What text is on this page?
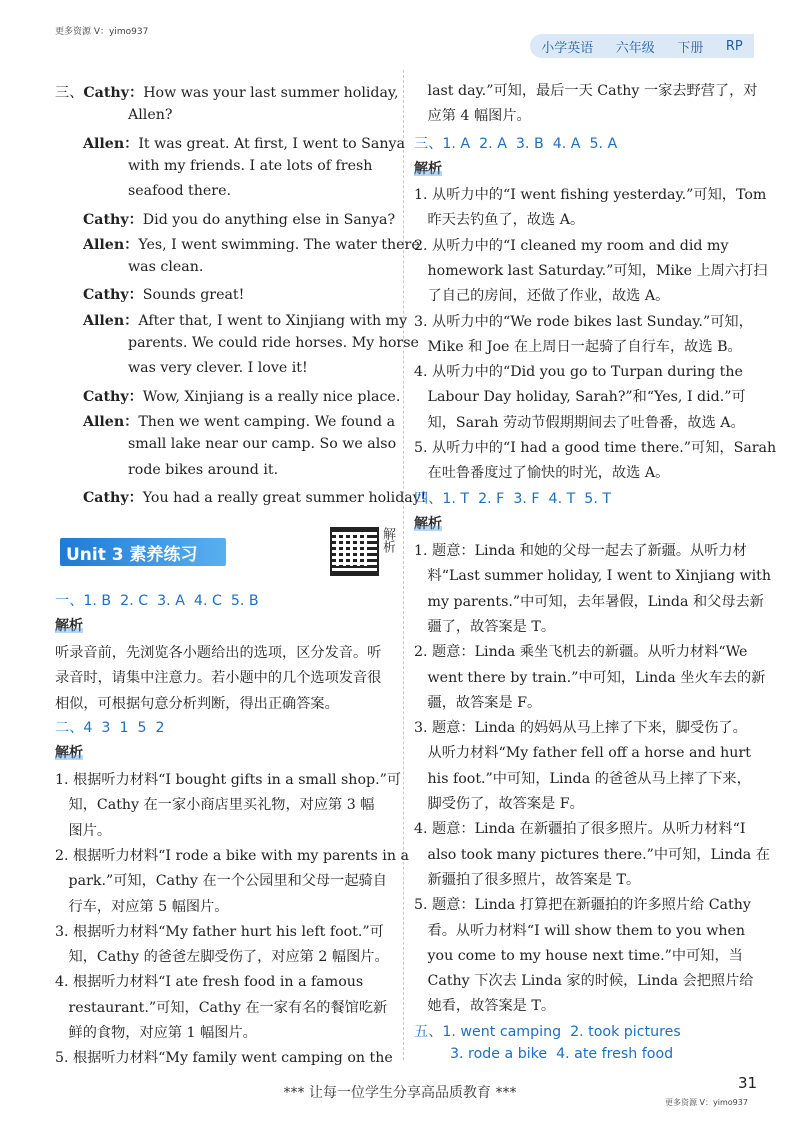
更多资源 V：yimo937
小学英语 六年级 下册 RP
三、Cathy：How was your last summer holiday,
Allen?
Allen：It was great. At first, I went to Sanya
with my friends. I ate lots of fresh
seafood there.
Cathy：Did you do anything else in Sanya?
Allen：Yes, I went swimming. The water there
was clean.
Cathy：Sounds great!
Allen：After that, I went to Xinjiang with my
parents. We could ride horses. My horse
was very clever. I love it!
Cathy：Wow, Xinjiang is a really nice place.
Allen：Then we went camping. We found a
small lake near our camp. So we also
rode bikes around it.
Cathy：You had a really great summer holiday!
Unit 3 素养练习
解析
一、1. B  2. C  3. A  4. C  5. B
解析
听录音前，先浏览各小题给出的选项，区分发音。听
录音时，请集中注意力。若小题中的几个选项发音很
相似，可根据句意分析判断，得出正确答案。
二、4  3  1  5  2
解析
1. 根据听力材料“I bought gifts in a small shop.”可
知，Cathy 在一家小商店里买礼物，对应第 3 幅
图片。
2. 根据听力材料“I rode a bike with my parents in a
park.”可知，Cathy 在一个公园里和父母一起骑自
行车，对应第 5 幅图片。
3. 根据听力材料“My father hurt his left foot.”可
知，Cathy 的爸爸左脚受伤了，对应第 2 幅图片。
4. 根据听力材料“I ate fresh food in a famous
restaurant.”可知，Cathy 在一家有名的餐馆吃新
鲜的食物，对应第 1 幅图片。
5. 根据听力材料“My family went camping on the
last day.”可知，最后一天 Cathy 一家去野营了，对
应第 4 幅图片。
三、1. A  2. A  3. B  4. A  5. A
解析
1. 从听力中的“I went fishing yesterday.”可知，Tom
昨天去钓鱼了，故选 A。
2. 从听力中的“I cleaned my room and did my
homework last Saturday.”可知，Mike 上周六打扫
了自己的房间，还做了作业，故选 A。
3. 从听力中的“We rode bikes last Sunday.”可知，
Mike 和 Joe 在上周日一起骑了自行车，故选 B。
4. 从听力中的“Did you go to Turpan during the
Labour Day holiday, Sarah?”和“Yes, I did.”可
知，Sarah 劳动节假期期间去了吐鲁番，故选 A。
5. 从听力中的“I had a good time there.”可知，Sarah
在吐鲁番度过了愉快的时光，故选 A。
四、1. T  2. F  3. F  4. T  5. T
解析
1. 题意：Linda 和她的父母一起去了新疆。从听力材
料“Last summer holiday, I went to Xinjiang with
my parents.”中可知，去年暑假，Linda 和父母去新
疆了，故答案是 T。
2. 题意：Linda 乘坐飞机去的新疆。从听力材料“We
went there by train.”中可知，Linda 坐火车去的新
疆，故答案是 F。
3. 题意：Linda 的妈妈从马上摔了下来，脚受伤了。
从听力材料“My father fell off a horse and hurt
his foot.”中可知，Linda 的爸爸从马上摔了下来，
脚受伤了，故答案是 F。
4. 题意：Linda 在新疆拍了很多照片。从听力材料“I
also took many pictures there.”中可知，Linda 在
新疆拍了很多照片，故答案是 T。
5. 题意：Linda 打算把在新疆拍的许多照片给 Cathy
看。从听力材料“I will show them to you when
you come to my house next time.”中可知，当
Cathy 下次去 Linda 家的时候，Linda 会把照片给
她看，故答案是 T。
五、1. went camping  2. took pictures
3. rode a bike  4. ate fresh food
*** 让每一位学生分享高品质教育 ***
31
更多资源 V：yimo937
